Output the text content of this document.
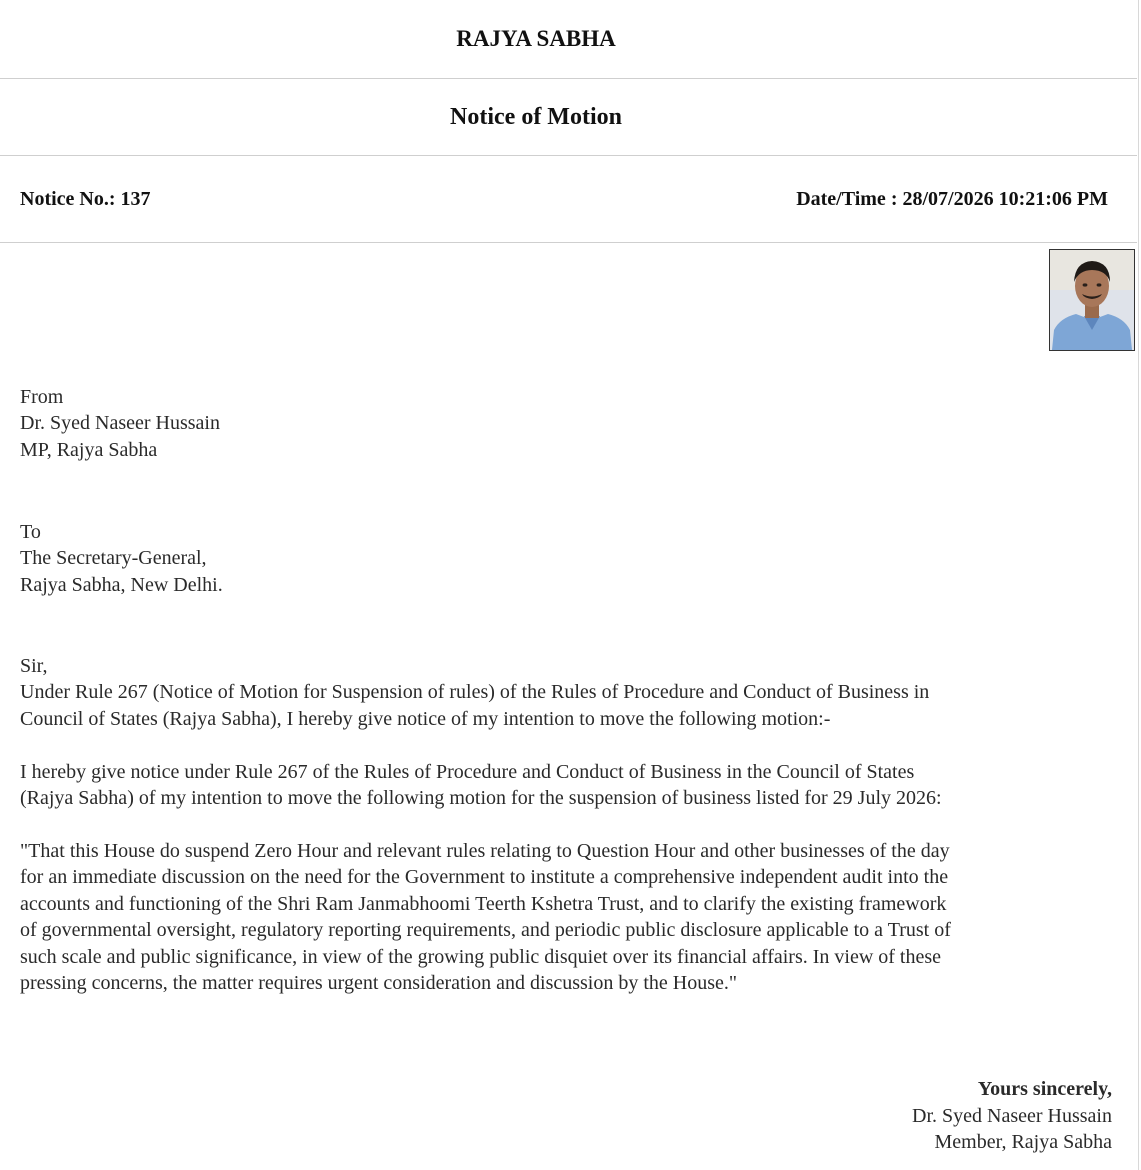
RAJYA SABHA
Notice of Motion
Notice No.: 137	Date/Time : 28/07/2026 10:21:06 PM
From
Dr. Syed Naseer Hussain
MP, Rajya Sabha
To
The Secretary-General,
Rajya Sabha, New Delhi.
Sir,
Under Rule 267 (Notice of Motion for Suspension of rules) of the Rules of Procedure and Conduct of Business in
Council of States (Rajya Sabha), I hereby give notice of my intention to move the following motion:-
I hereby give notice under Rule 267 of the Rules of Procedure and Conduct of Business in the Council of States
(Rajya Sabha) of my intention to move the following motion for the suspension of business listed for 29 July 2026:
"That this House do suspend Zero Hour and relevant rules relating to Question Hour and other businesses of the day
for an immediate discussion on the need for the Government to institute a comprehensive independent audit into the
accounts and functioning of the Shri Ram Janmabhoomi Teerth Kshetra Trust, and to clarify the existing framework
of governmental oversight, regulatory reporting requirements, and periodic public disclosure applicable to a Trust of
such scale and public significance, in view of the growing public disquiet over its financial affairs. In view of these
pressing concerns, the matter requires urgent consideration and discussion by the House."
Yours sincerely,
Dr. Syed Naseer Hussain
Member, Rajya Sabha
